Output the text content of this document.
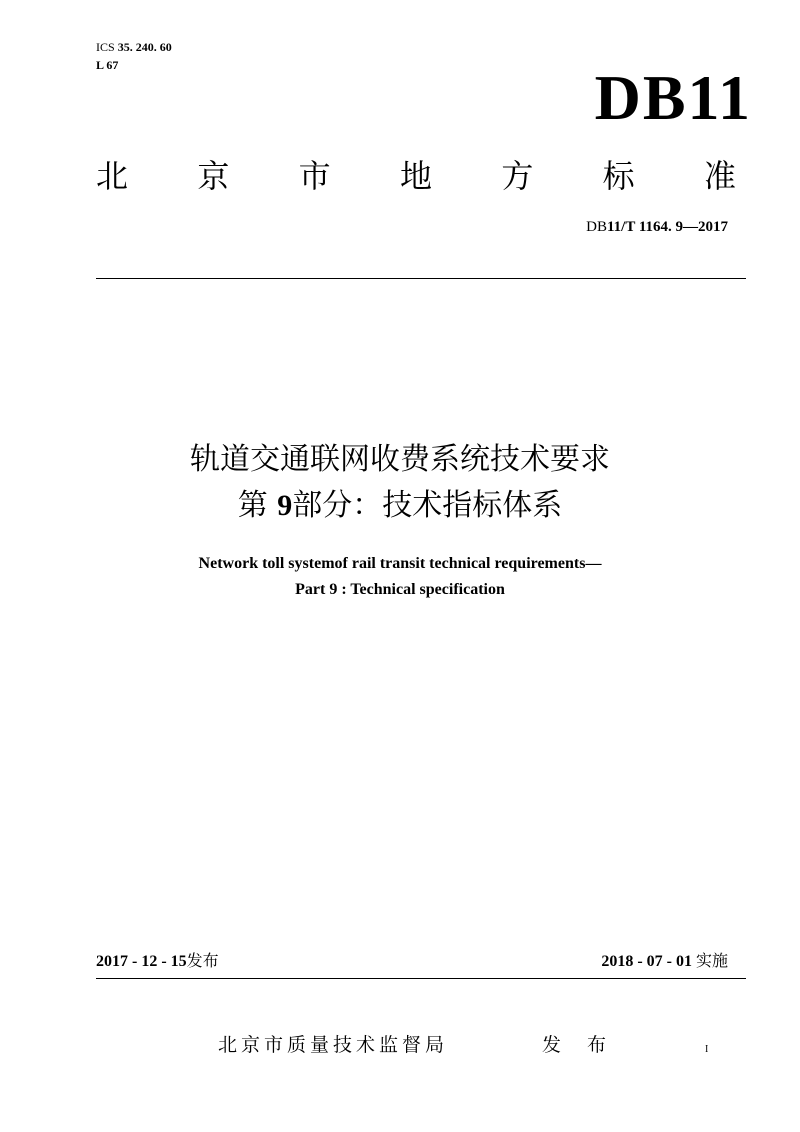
ICS 35. 240. 60
L 67	DB11
北 京 市 地 方 标 准
DB11/T 1164. 9—2017
轨道交通联网收费系统技术要求
第 9部分：技术指标体系
Network toll systemof rail transit technical requirements—
Part 9 : Technical specification
2017 - 12 - 15发布	2018 - 07 - 01 实施
北京市质量技术监督局	发 布	I
